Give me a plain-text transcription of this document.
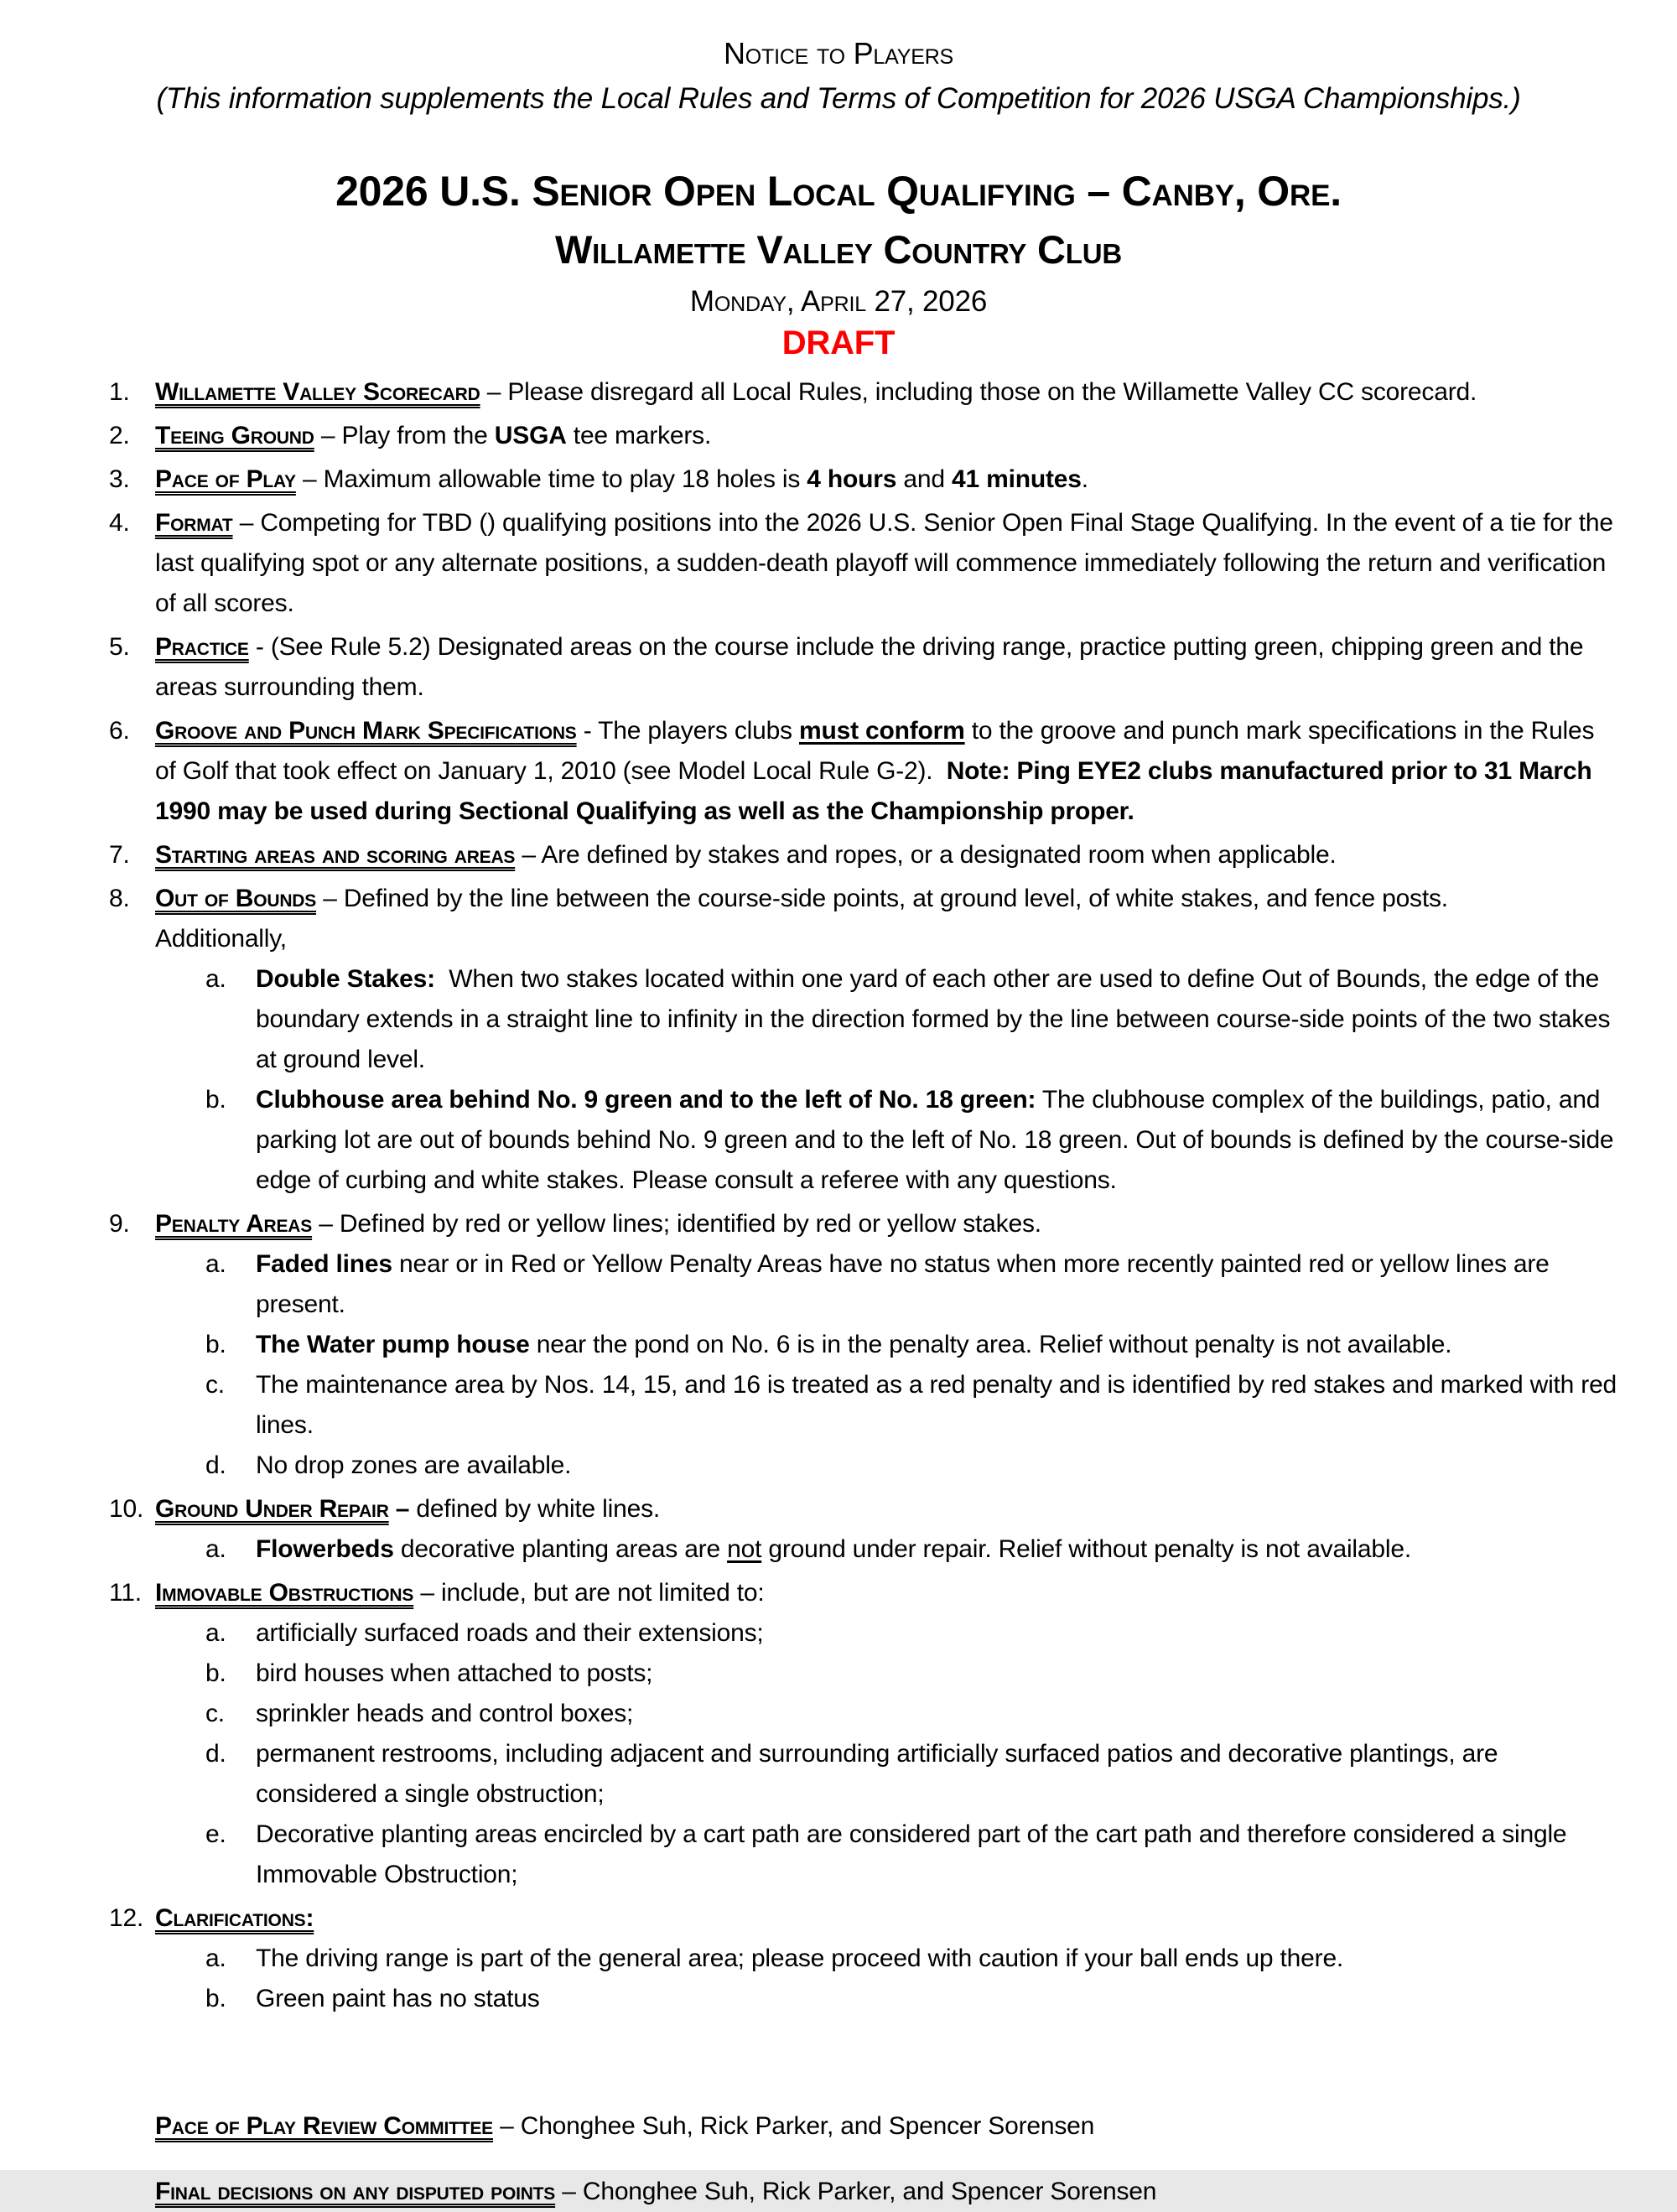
Notice to Players
(This information supplements the Local Rules and Terms of Competition for 2026 USGA Championships.)
2026 U.S. Senior Open Local Qualifying – Canby, Ore.
Willamette Valley Country Club
Monday, April 27, 2026
DRAFT
1.	Willamette Valley Scorecard – Please disregard all Local Rules, including those on the Willamette Valley CC scorecard.
2.	Teeing Ground – Play from the USGA tee markers.
3.	Pace of Play – Maximum allowable time to play 18 holes is 4 hours and 41 minutes.
4.	Format – Competing for TBD () qualifying positions into the 2026 U.S. Senior Open Final Stage Qualifying. In the event of a tie for the last qualifying spot or any alternate positions, a sudden-death playoff will commence immediately following the return and verification of all scores.
5.	Practice - (See Rule 5.2) Designated areas on the course include the driving range, practice putting green, chipping green and the areas surrounding them.
6.	Groove and Punch Mark Specifications - The players clubs must conform to the groove and punch mark specifications in the Rules of Golf that took effect on January 1, 2010 (see Model Local Rule G-2).  Note: Ping EYE2 clubs manufactured prior to 31 March 1990 may be used during Sectional Qualifying as well as the Championship proper.
7.	Starting areas and scoring areas – Are defined by stakes and ropes, or a designated room when applicable.
8.	Out of Bounds – Defined by the line between the course-side points, at ground level, of white stakes, and fence posts.
Additionally,
a.	Double Stakes:  When two stakes located within one yard of each other are used to define Out of Bounds, the edge of the boundary extends in a straight line to infinity in the direction formed by the line between course-side points of the two stakes at ground level.
b.	Clubhouse area behind No. 9 green and to the left of No. 18 green: The clubhouse complex of the buildings, patio, and parking lot are out of bounds behind No. 9 green and to the left of No. 18 green. Out of bounds is defined by the course-side edge of curbing and white stakes. Please consult a referee with any questions.
9.	Penalty Areas – Defined by red or yellow lines; identified by red or yellow stakes.
a.	Faded lines near or in Red or Yellow Penalty Areas have no status when more recently painted red or yellow lines are present.
b.	The Water pump house near the pond on No. 6 is in the penalty area. Relief without penalty is not available.
c.	The maintenance area by Nos. 14, 15, and 16 is treated as a red penalty and is identified by red stakes and marked with red lines.
d.	No drop zones are available.
10. Ground Under Repair – defined by white lines.
a.	Flowerbeds decorative planting areas are not ground under repair. Relief without penalty is not available.
11. Immovable Obstructions – include, but are not limited to:
a.	artificially surfaced roads and their extensions;
b.	bird houses when attached to posts;
c.	sprinkler heads and control boxes;
d.	permanent restrooms, including adjacent and surrounding artificially surfaced patios and decorative plantings, are considered a single obstruction;
e.	Decorative planting areas encircled by a cart path are considered part of the cart path and therefore considered a single Immovable Obstruction;
12. Clarifications:
a.	The driving range is part of the general area; please proceed with caution if your ball ends up there.
b.	Green paint has no status
Pace of Play Review Committee – Chonghee Suh, Rick Parker, and Spencer Sorensen
Final decisions on any disputed points – Chonghee Suh, Rick Parker, and Spencer Sorensen
